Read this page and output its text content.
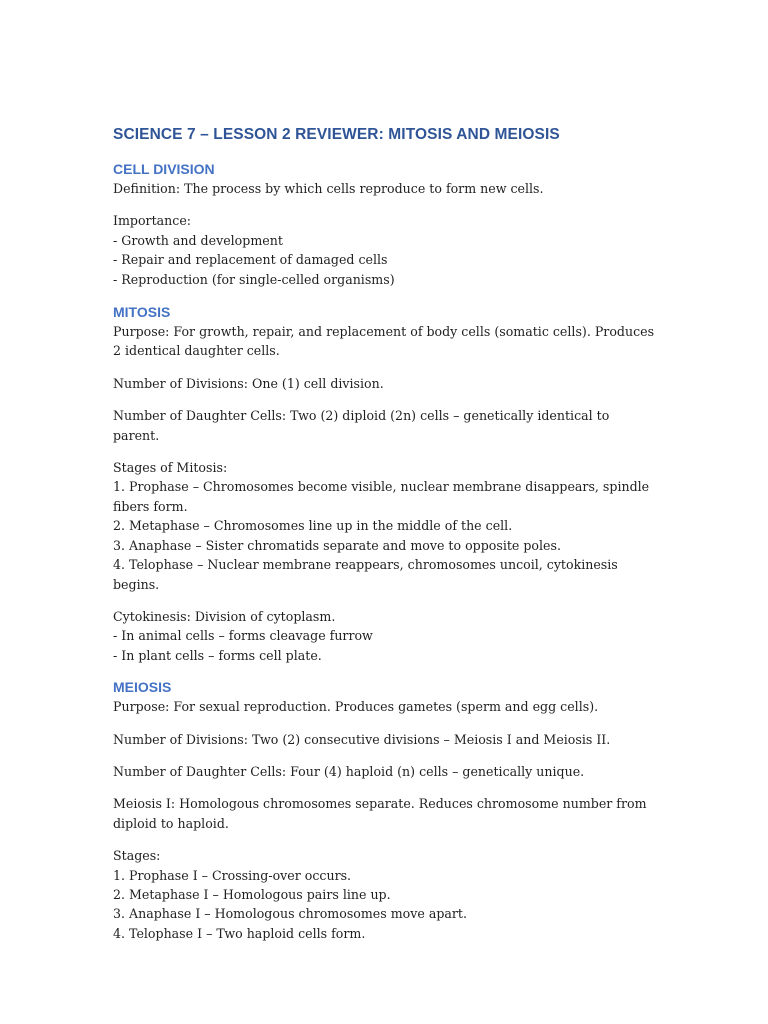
SCIENCE 7 – LESSON 2 REVIEWER: MITOSIS AND MEIOSIS
CELL DIVISION

Definition: The process by which cells reproduce to form new cells.

Importance:
- Growth and development
- Repair and replacement of damaged cells
- Reproduction (for single-celled organisms)
MITOSIS

Purpose: For growth, repair, and replacement of body cells (somatic cells). Produces 2 identical daughter cells.

Number of Divisions: One (1) cell division.

Number of Daughter Cells: Two (2) diploid (2n) cells – genetically identical to parent.

Stages of Mitosis:
1. Prophase – Chromosomes become visible, nuclear membrane disappears, spindle fibers form.
2. Metaphase – Chromosomes line up in the middle of the cell.
3. Anaphase – Sister chromatids separate and move to opposite poles.
4. Telophase – Nuclear membrane reappears, chromosomes uncoil, cytokinesis begins.
Cytokinesis: Division of cytoplasm.
- In animal cells – forms cleavage furrow
- In plant cells – forms cell plate.
MEIOSIS

Purpose: For sexual reproduction. Produces gametes (sperm and egg cells).

Number of Divisions: Two (2) consecutive divisions – Meiosis I and Meiosis II.

Number of Daughter Cells: Four (4) haploid (n) cells – genetically unique.

Meiosis I: Homologous chromosomes separate. Reduces chromosome number from diploid to haploid.

Stages:
1. Prophase I – Crossing-over occurs.
2. Metaphase I – Homologous pairs line up.
3. Anaphase I – Homologous chromosomes move apart.
4. Telophase I – Two haploid cells form.
